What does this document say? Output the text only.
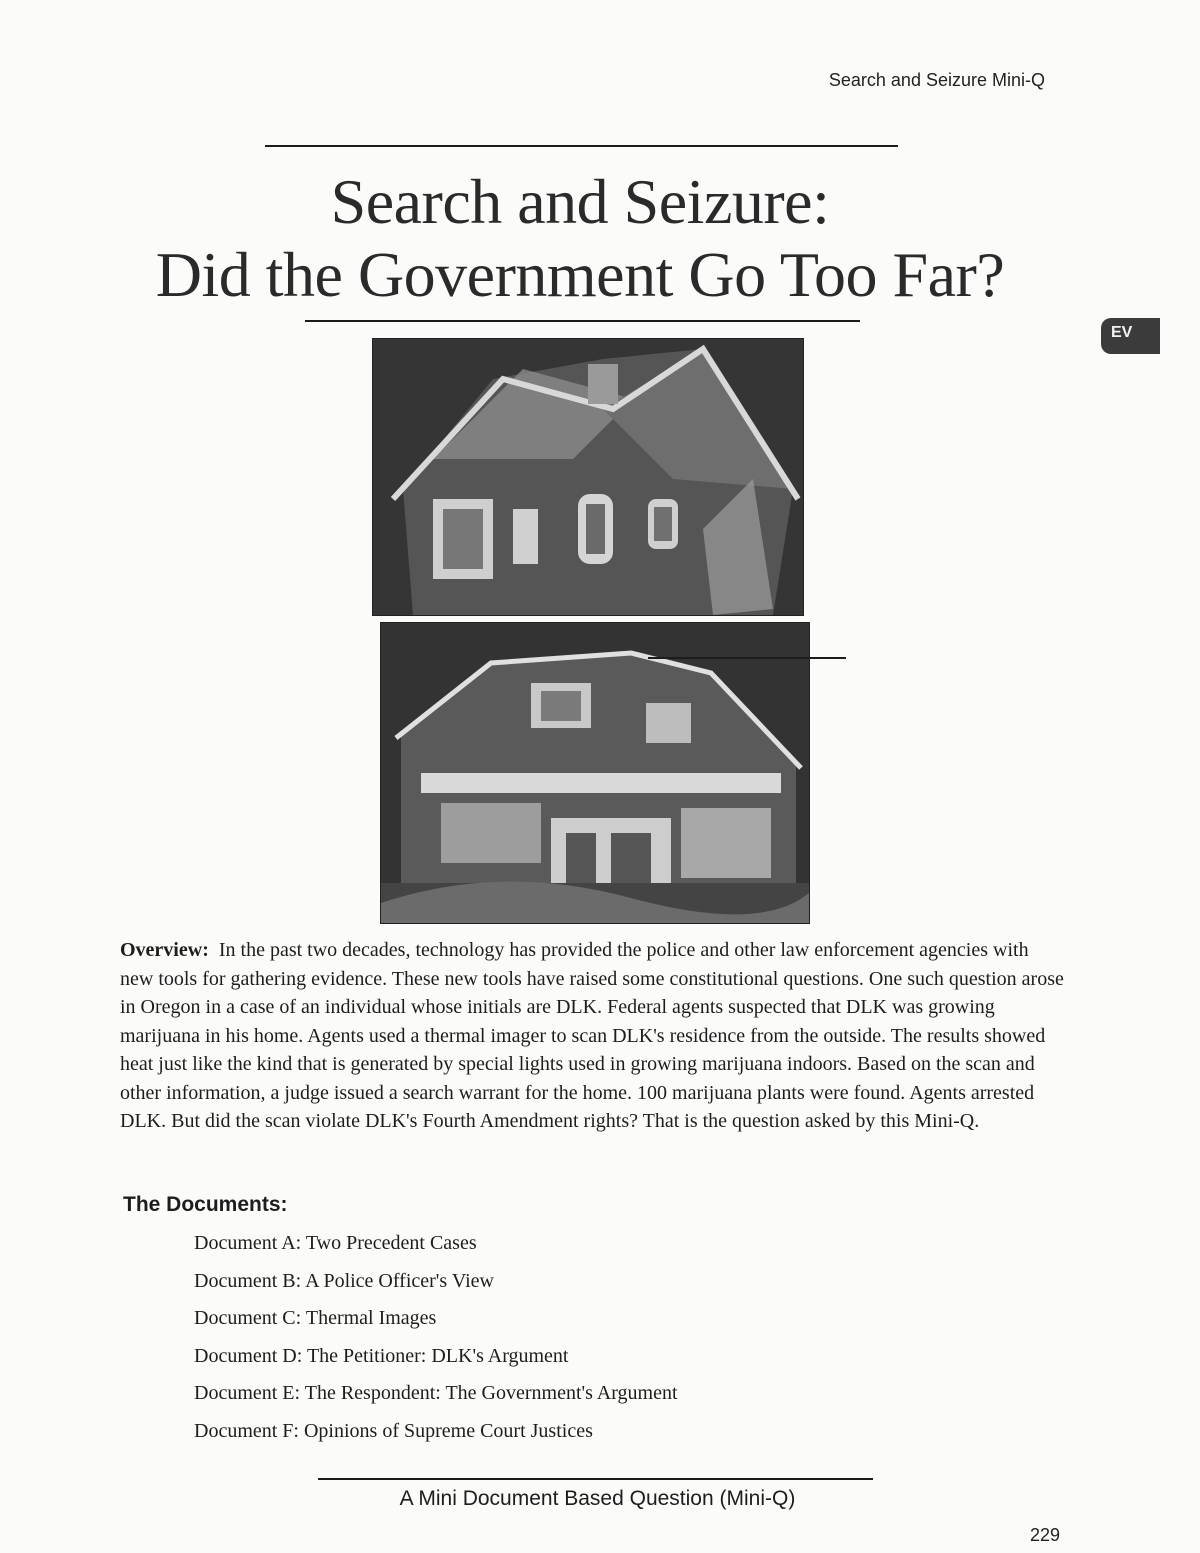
Search and Seizure Mini-Q
Search and Seizure:
Did the Government Go Too Far?
EV
Overview: In the past two decades, technology has provided the police and other law enforcement agencies with new tools for gathering evidence. These new tools have raised some constitutional questions. One such question arose in Oregon in a case of an individual whose initials are DLK. Federal agents suspected that DLK was growing marijuana in his home. Agents used a thermal imager to scan DLK's residence from the outside. The results showed heat just like the kind that is generated by special lights used in growing marijuana indoors. Based on the scan and other information, a judge issued a search warrant for the home. 100 marijuana plants were found. Agents arrested DLK. But did the scan violate DLK's Fourth Amendment rights? That is the question asked by this Mini-Q.
The Documents:
Document A: Two Precedent Cases
Document B: A Police Officer's View
Document C: Thermal Images
Document D: The Petitioner: DLK's Argument
Document E: The Respondent: The Government's Argument
Document F: Opinions of Supreme Court Justices
A Mini Document Based Question (Mini-Q)
229
